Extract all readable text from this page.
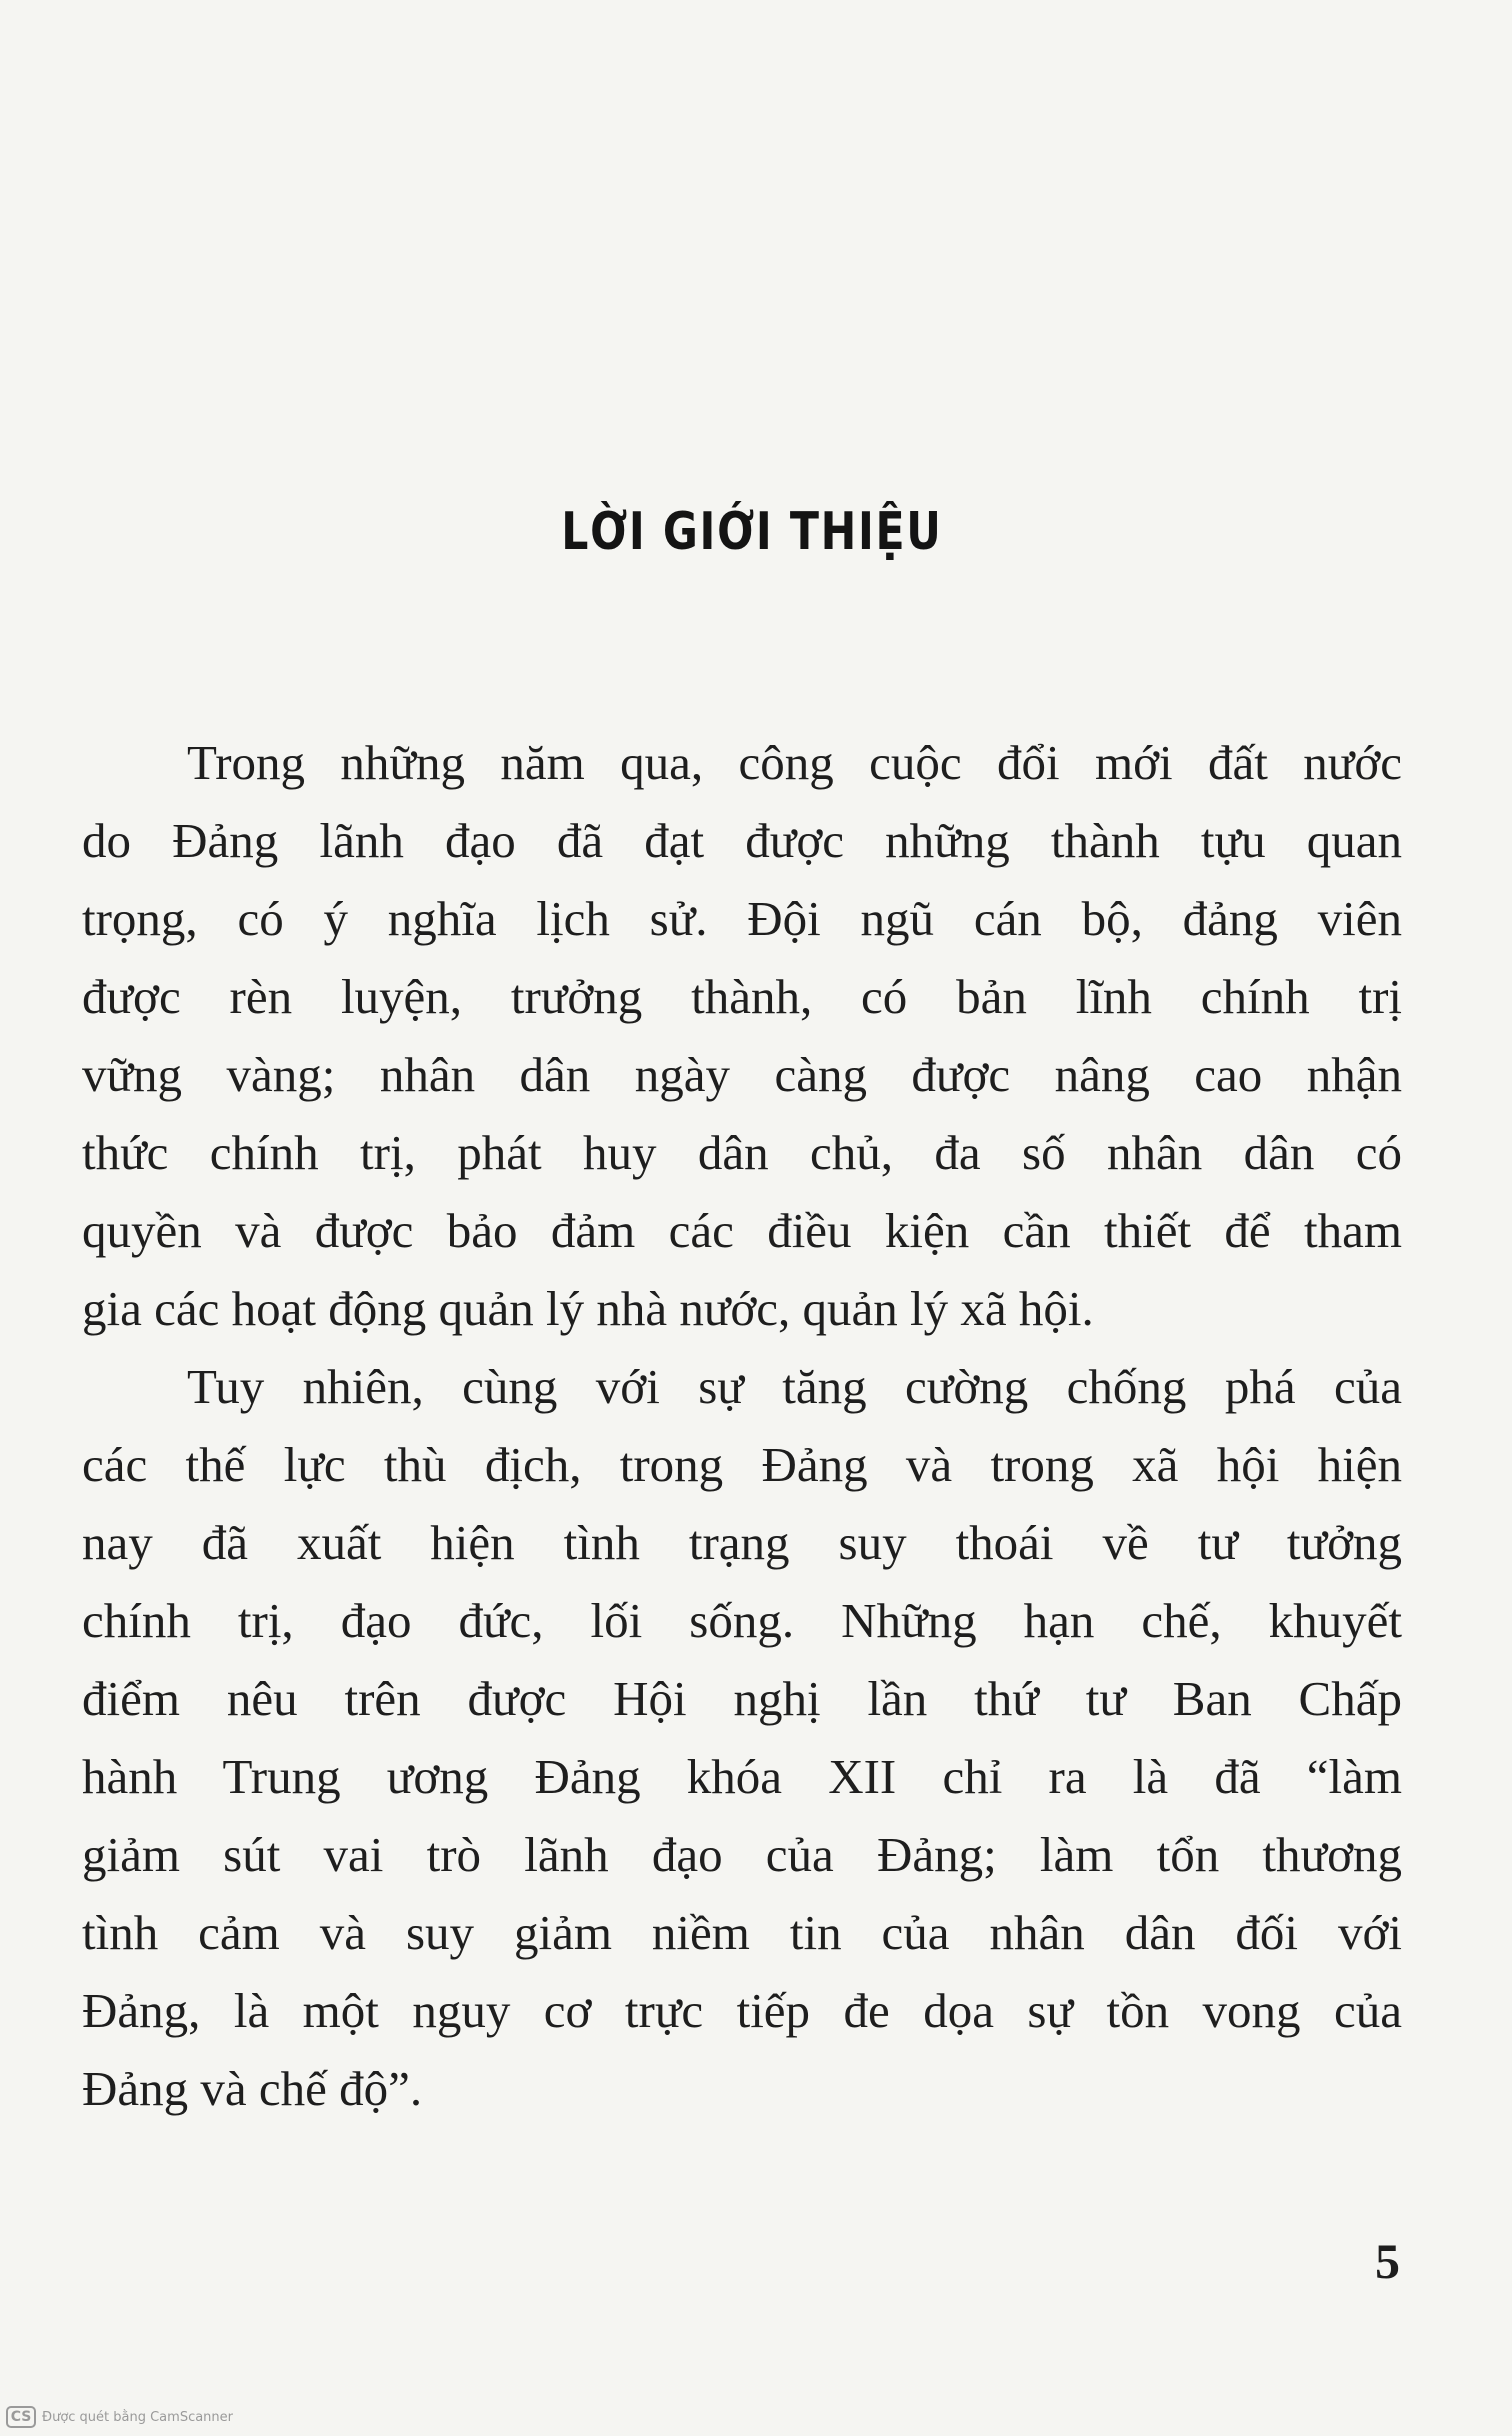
LỜI GIỚI THIỆU
Trong những năm qua, công cuộc đổi mới đất nước
do Đảng lãnh đạo đã đạt được những thành tựu quan
trọng, có ý nghĩa lịch sử. Đội ngũ cán bộ, đảng viên
được rèn luyện, trưởng thành, có bản lĩnh chính trị
vững vàng; nhân dân ngày càng được nâng cao nhận
thức chính trị, phát huy dân chủ, đa số nhân dân có
quyền và được bảo đảm các điều kiện cần thiết để tham
gia các hoạt động quản lý nhà nước, quản lý xã hội.
Tuy nhiên, cùng với sự tăng cường chống phá của
các thế lực thù địch, trong Đảng và trong xã hội hiện
nay đã xuất hiện tình trạng suy thoái về tư tưởng
chính trị, đạo đức, lối sống. Những hạn chế, khuyết
điểm nêu trên được Hội nghị lần thứ tư Ban Chấp
hành Trung ương Đảng khóa XII chỉ ra là đã “làm
giảm sút vai trò lãnh đạo của Đảng; làm tổn thương
tình cảm và suy giảm niềm tin của nhân dân đối với
Đảng, là một nguy cơ trực tiếp đe dọa sự tồn vong của
Đảng và chế độ”.
5
CS Được quét bằng CamScanner
